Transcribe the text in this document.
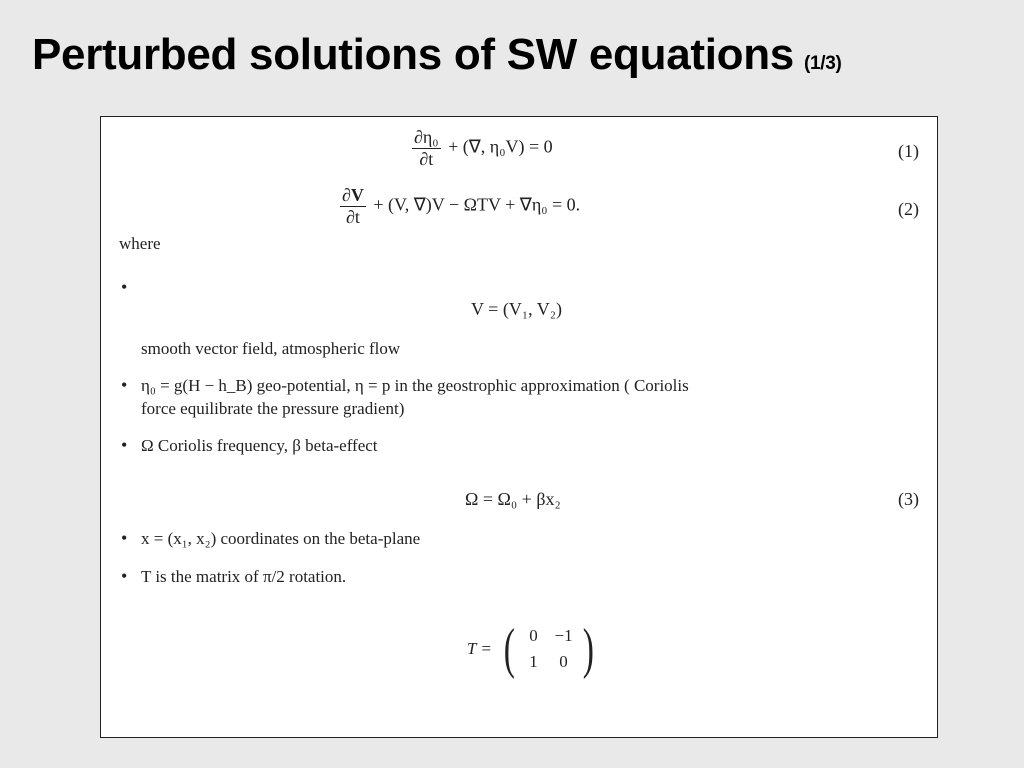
Perturbed solutions of SW equations (1/3)
$\frac{\text{∂η₀}}{\partial t}$ + (∇, η₀V) = 0	(1)
$\frac{\partial V}{\partial t} + (V$, ∇)V − ΩTV + ∇η₀ = 0.	(2)
where
•
V = (V₁, V₂)
smooth vector field, atmospheric flow
• η₀ = g(H − h_B) geo-potential, η = p in the geostrophic approximation ( Coriolis
force equilibrate the pressure gradient)
• Ω Coriolis frequency, β beta-effect
Ω = Ω₀ + βx₂	(3)
• x = (x₁, x₂) coordinates on the beta-plane
• T is the matrix of π/2 rotation.
T = ( 0 −1
1	0 )
